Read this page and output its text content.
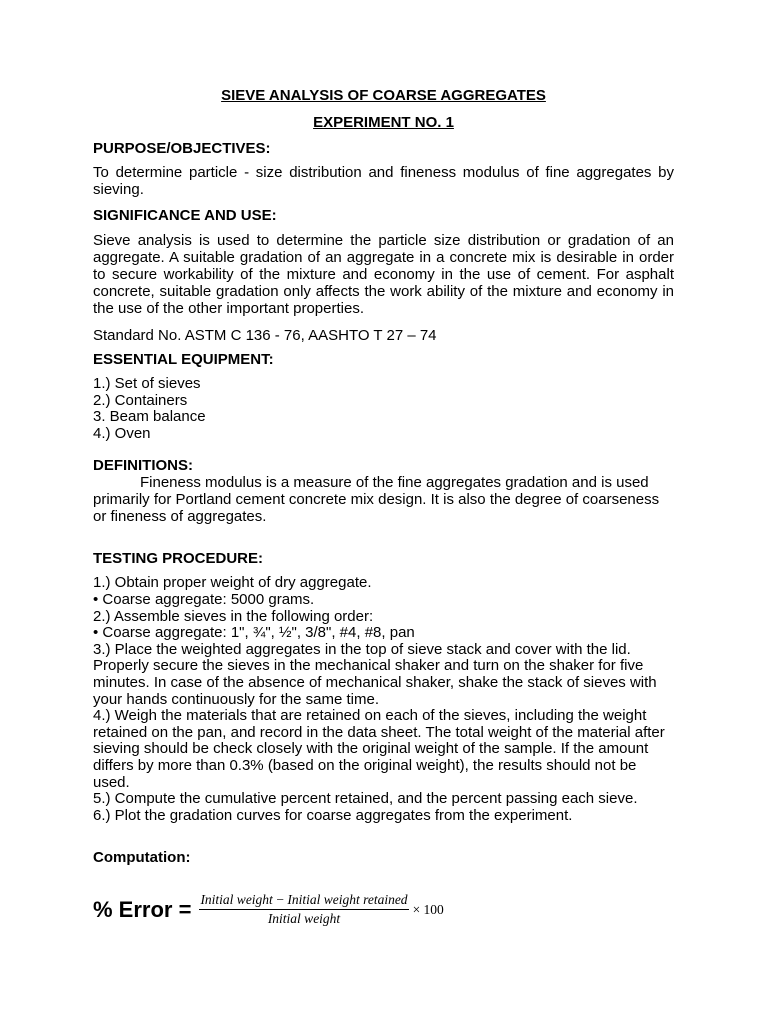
SIEVE ANALYSIS OF COARSE AGGREGATES
EXPERIMENT NO. 1
PURPOSE/OBJECTIVES:
To determine particle - size distribution and fineness modulus of fine aggregates by sieving.
SIGNIFICANCE AND USE:
Sieve analysis is used to determine the particle size distribution or gradation of an aggregate. A suitable gradation of an aggregate in a concrete mix is desirable in order to secure workability of the mixture and economy in the use of cement. For asphalt concrete, suitable gradation only affects the work ability of the mixture and economy in the use of the other important properties.
Standard No. ASTM C 136 - 76, AASHTO T 27 – 74
ESSENTIAL EQUIPMENT:
1.) Set of sieves
2.) Containers
3. Beam balance
4.) Oven
DEFINITIONS:
Fineness modulus is a measure of the fine aggregates gradation and is used primarily for Portland cement concrete mix design. It is also the degree of coarseness or fineness of aggregates.
TESTING PROCEDURE:
1.) Obtain proper weight of dry aggregate.
• Coarse aggregate: 5000 grams.
2.) Assemble sieves in the following order:
• Coarse aggregate: 1", ¾", ½", 3/8", #4, #8, pan
3.) Place the weighted aggregates in the top of sieve stack and cover with the lid. Properly secure the sieves in the mechanical shaker and turn on the shaker for five minutes. In case of the absence of mechanical shaker, shake the stack of sieves with your hands continuously for the same time.
4.) Weigh the materials that are retained on each of the sieves, including the weight retained on the pan, and record in the data sheet. The total weight of the material after sieving should be check closely with the original weight of the sample. If the amount differs by more than 0.3% (based on the original weight), the results should not be used.
5.) Compute the cumulative percent retained, and the percent passing each sieve.
6.) Plot the gradation curves for coarse aggregates from the experiment.
Computation:
% Error = $\frac{\text{Initial weight − Initial weight retained}}{\text{Initial weight}} \times 100$
